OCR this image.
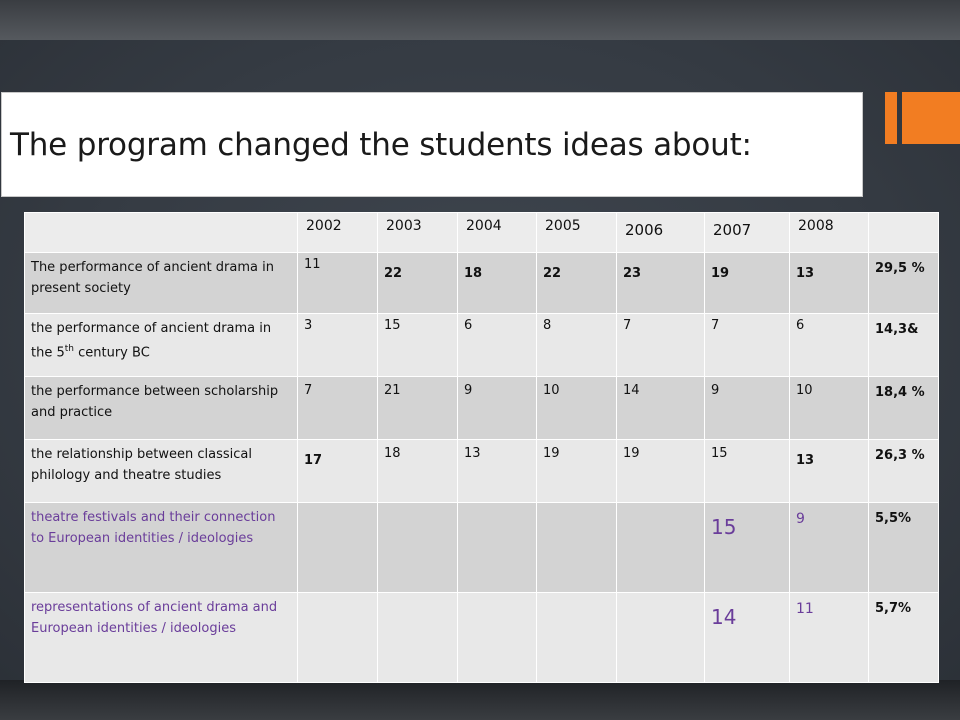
The program changed the students ideas about:
	2002	2003	2004	2005	2006	2007	2008	
The performance of ancient drama in present society	11	22	18	22	23	19	13	29,5 %
the performance of ancient drama in the 5th century BC	3	15	6	8	7	7	6	14,3&
the performance between scholarship and practice	7	21	9	10	14	9	10	18,4 %
the relationship between classical philology and theatre studies	17	18	13	19	19	15	13	26,3 %
theatre festivals and their connection to European identities / ideologies						15	9	5,5%
representations of ancient drama and European identities / ideologies						14	11	5,7%
